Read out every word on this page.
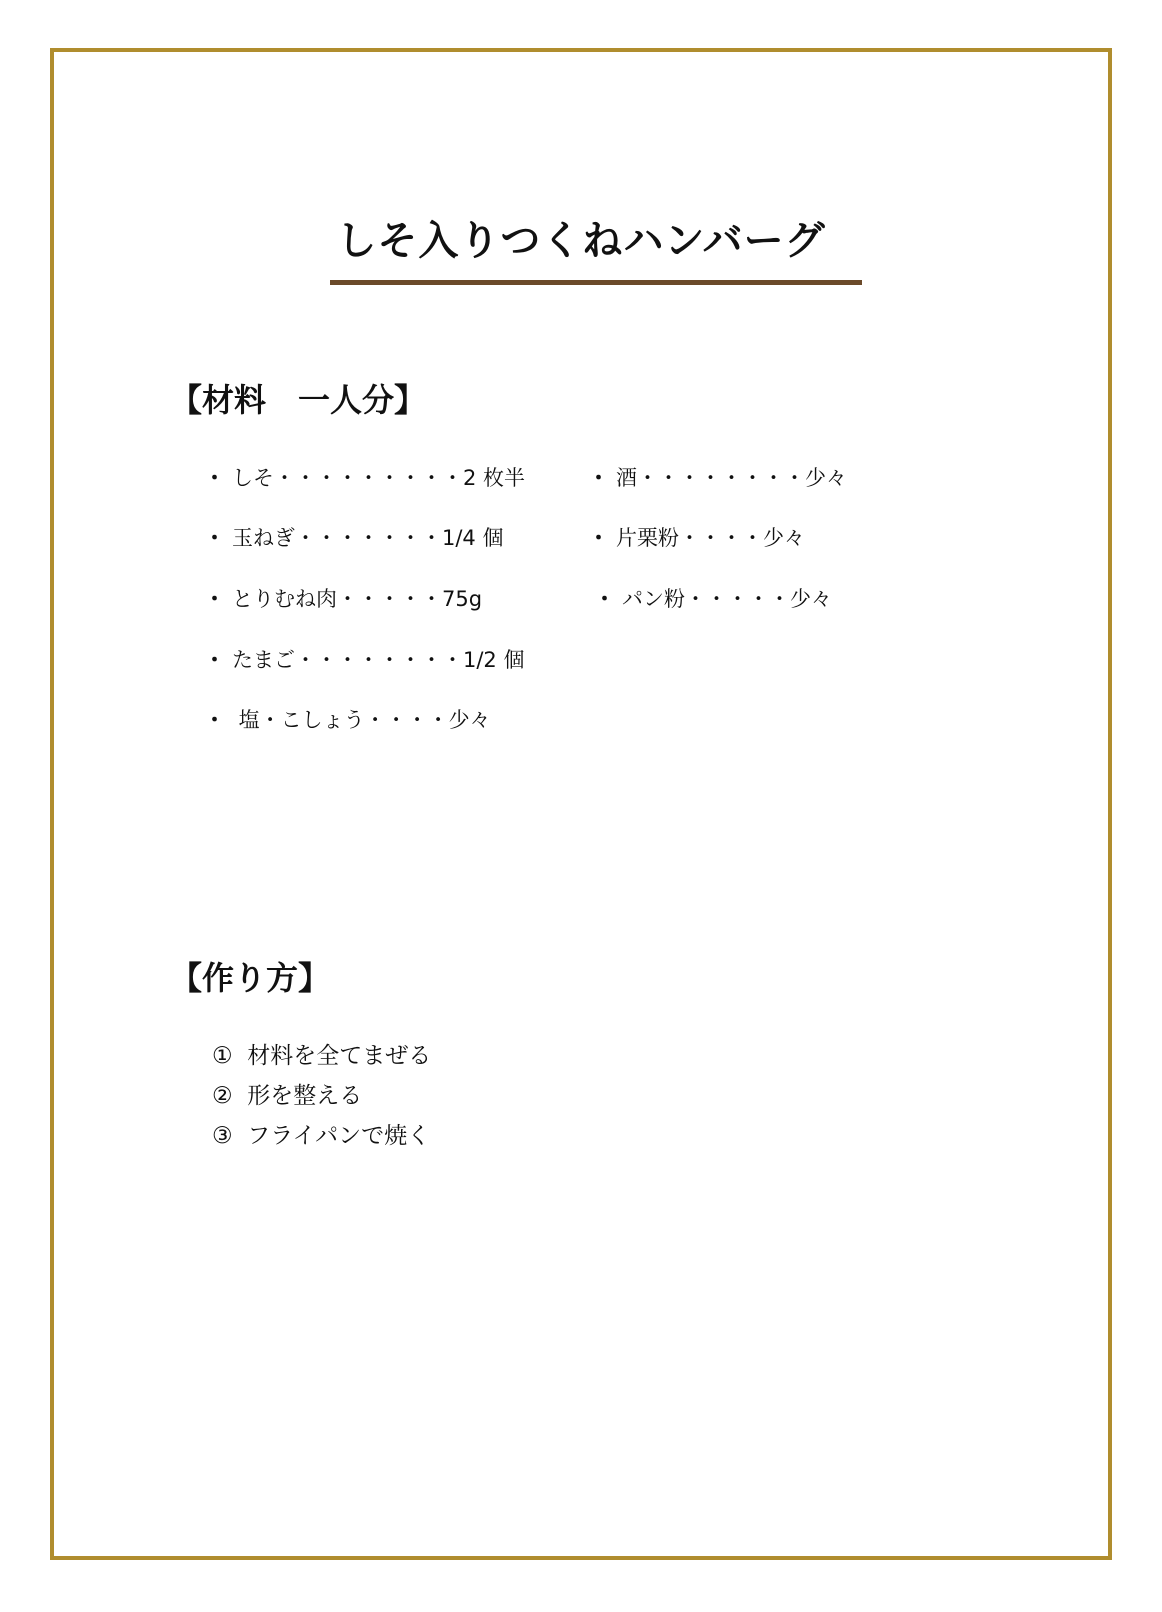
しそ入りつくねハンバーグ
【材料　一人分】
・ しそ・・・・・・・・・2 枚半
・ 玉ねぎ・・・・・・・1/4 個
・ とりむね肉・・・・・75g
・ たまご・・・・・・・・1/2 個
・ 塩・こしょう・・・・少々
・ 酒・・・・・・・・少々
・ 片栗粉・・・・少々
・ パン粉・・・・・少々
【作り方】
①  材料を全てまぜる
②  形を整える
③  フライパンで焼く
